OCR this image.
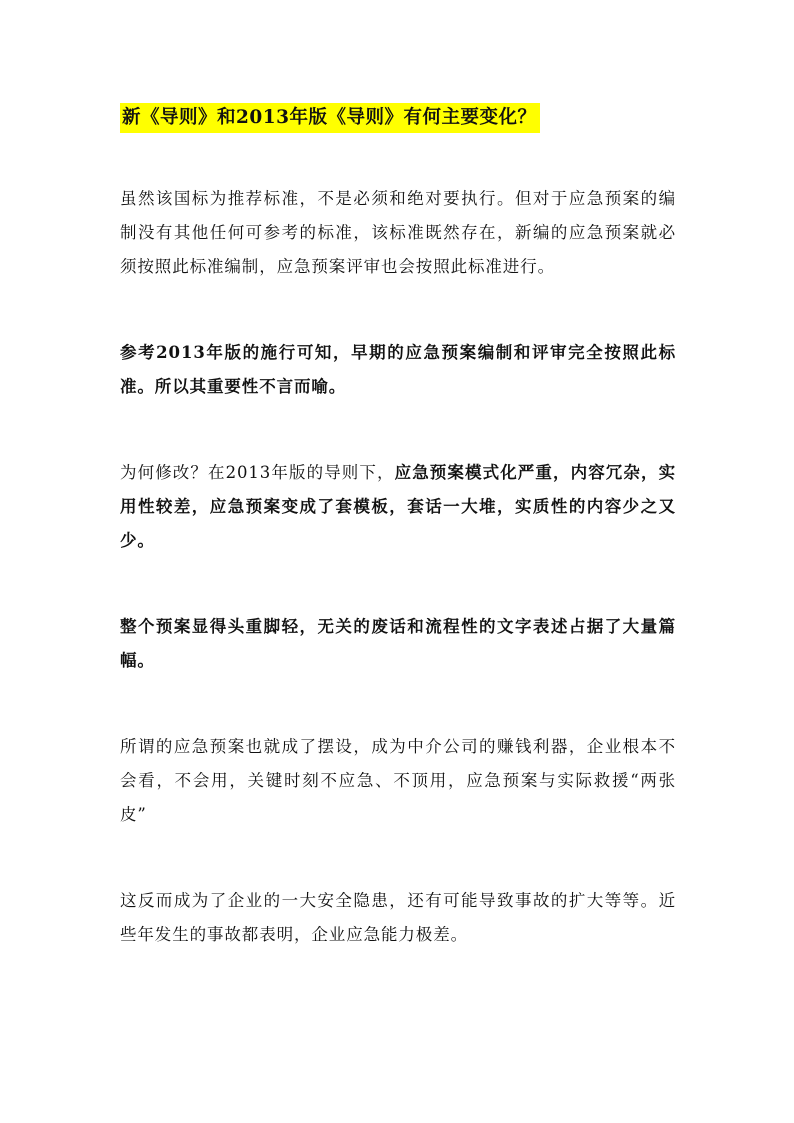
新《导则》和2013年版《导则》有何主要变化？

虽然该国标为推荐标准，不是必须和绝对要执行。但对于应急预案的编制没有其他任何可参考的标准，该标准既然存在，新编的应急预案就必须按照此标准编制，应急预案评审也会按照此标准进行。

参考2013年版的施行可知，早期的应急预案编制和评审完全按照此标准。所以其重要性不言而喻。

为何修改？在2013年版的导则下，应急预案模式化严重，内容冗杂，实用性较差，应急预案变成了套模板，套话一大堆，实质性的内容少之又少。

整个预案显得头重脚轻，无关的废话和流程性的文字表述占据了大量篇幅。

所谓的应急预案也就成了摆设，成为中介公司的赚钱利器，企业根本不会看，不会用，关键时刻不应急、不顶用，应急预案与实际救援“两张皮”

这反而成为了企业的一大安全隐患，还有可能导致事故的扩大等等。近些年发生的事故都表明，企业应急能力极差。
